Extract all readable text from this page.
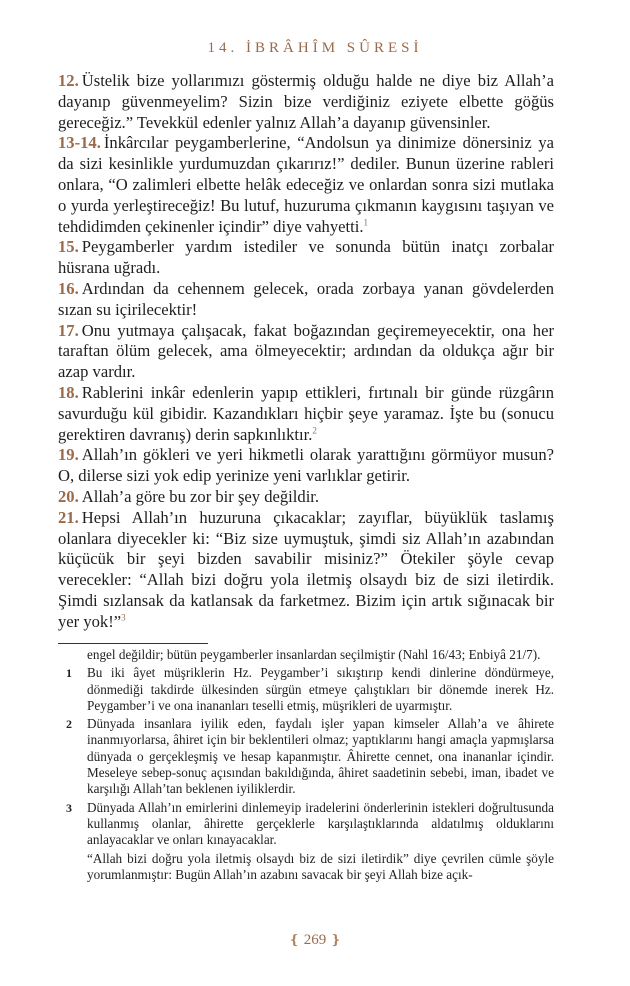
14. İBRÂHÎM SÛRESİ

12. Üstelik bize yollarımızı göstermiş olduğu halde ne diye biz Allah’a dayanıp güvenmeyelim? Sizin bize verdiğiniz eziyete elbette göğüs gereceğiz.” Tevekkül edenler yalnız Allah’a dayanıp güvensinler.

13-14. İnkârcılar peygamberlerine, “Andolsun ya dinimize dönersiniz ya da sizi kesinlikle yurdumuzdan çıkarırız!” dediler. Bunun üzerine rableri onlara, “O zalimleri elbette helâk edeceğiz ve onlardan sonra sizi mutlaka o yurda yerleştireceğiz! Bu lutuf, huzuruma çıkmanın kaygısını taşıyan ve tehdidimden çekinenler içindir” diye vahyetti.$^1$

15. Peygamberler yardım istediler ve sonunda bütün inatçı zorbalar hüsrana uğradı.

16. Ardından da cehennem gelecek, orada zorbaya yanan gövdelerden sızan su içirilecektir!

17. Onu yutmaya çalışacak, fakat boğazından geçiremeyecektir, ona her taraftan ölüm gelecek, ama ölmeyecektir; ardından da oldukça ağır bir azap vardır.

18. Rablerini inkâr edenlerin yapıp ettikleri, fırtınalı bir günde rüzgârın savurduğu kül gibidir. Kazandıkları hiçbir şeye yaramaz. İşte bu (sonucu gerektiren davranış) derin sapkınlıktır.$^2$

19. Allah’ın gökleri ve yeri hikmetli olarak yarattığını görmüyor musun? O, dilerse sizi yok edip yerinize yeni varlıklar getirir.

20. Allah’a göre bu zor bir şey değildir.

21. Hepsi Allah’ın huzuruna çıkacaklar; zayıflar, büyüklük taslamış olanlara diyecekler ki: “Biz size uymuştuk, şimdi siz Allah’ın azabından küçücük bir şeyi bizden savabilir misiniz?” Ötekiler şöyle cevap verecekler: “Allah bizi doğru yola iletmiş olsaydı biz de sizi iletirdik. Şimdi sızlansak da katlansak da farketmez. Bizim için artık sığınacak bir yer yok!”$^3$

engel değildir; bütün peygamberler insanlardan seçilmiştir (Nahl 16/43; Enbiyâ 21/7).
1	Bu iki âyet müşriklerin Hz. Peygamber’i sıkıştırıp kendi dinlerine döndürmeye, dönmediği takdirde ülkesinden sürgün etmeye çalıştıkları bir dönemde inerek Hz. Peygamber’i ve ona inananları teselli etmiş, müşrikleri de uyarmıştır.
2	Dünyada insanlara iyilik eden, faydalı işler yapan kimseler Allah’a ve âhirete inanmıyorlarsa, âhiret için bir beklentileri olmaz; yaptıklarını hangi amaçla yapmışlarsa dünyada o gerçekleşmiş ve hesap kapanmıştır. Âhirette cennet, ona inananlar içindir. Meseleye sebep-sonuç açısından bakıldığında, âhiret saadetinin sebebi, iman, ibadet ve karşılığı Allah’tan beklenen iyiliklerdir.
3	Dünyada Allah’ın emirlerini dinlemeyip iradelerini önderlerinin istekleri doğrultusunda kullanmış olanlar, âhirette gerçeklerle karşılaştıklarında aldatılmış olduklarını anlayacaklar ve onları kınayacaklar.
“Allah bizi doğru yola iletmiş olsaydı biz de sizi iletirdik” diye çevrilen cümle şöyle yorumlanmıştır: Bugün Allah’ın azabını savacak bir şeyi Allah bize açık-
❴ 269 ❵
